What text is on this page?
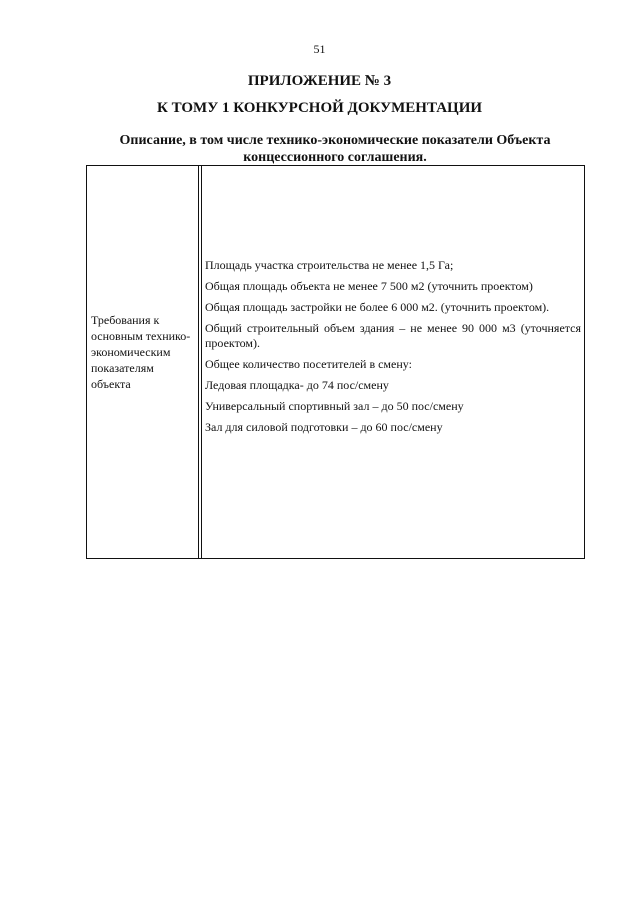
51
ПРИЛОЖЕНИЕ № 3
К ТОМУ 1 КОНКУРСНОЙ ДОКУМЕНТАЦИИ
Описание, в том числе технико-экономические показатели Объекта
концессионного соглашения.
Требования к основным технико-экономическим показателям объекта

Площадь участка строительства не менее 1,5 Га;

Общая площадь объекта не менее 7 500 м2 (уточнить проектом)

Общая площадь застройки не более 6 000 м2. (уточнить проектом).

Общий строительный объем здания – не менее 90 000 м3 (уточняется проектом).

Общее количество посетителей в смену:

Ледовая площадка- до 74 пос/смену

Универсальный спортивный зал – до 50 пос/смену

Зал для силовой подготовки – до 60 пос/смену
